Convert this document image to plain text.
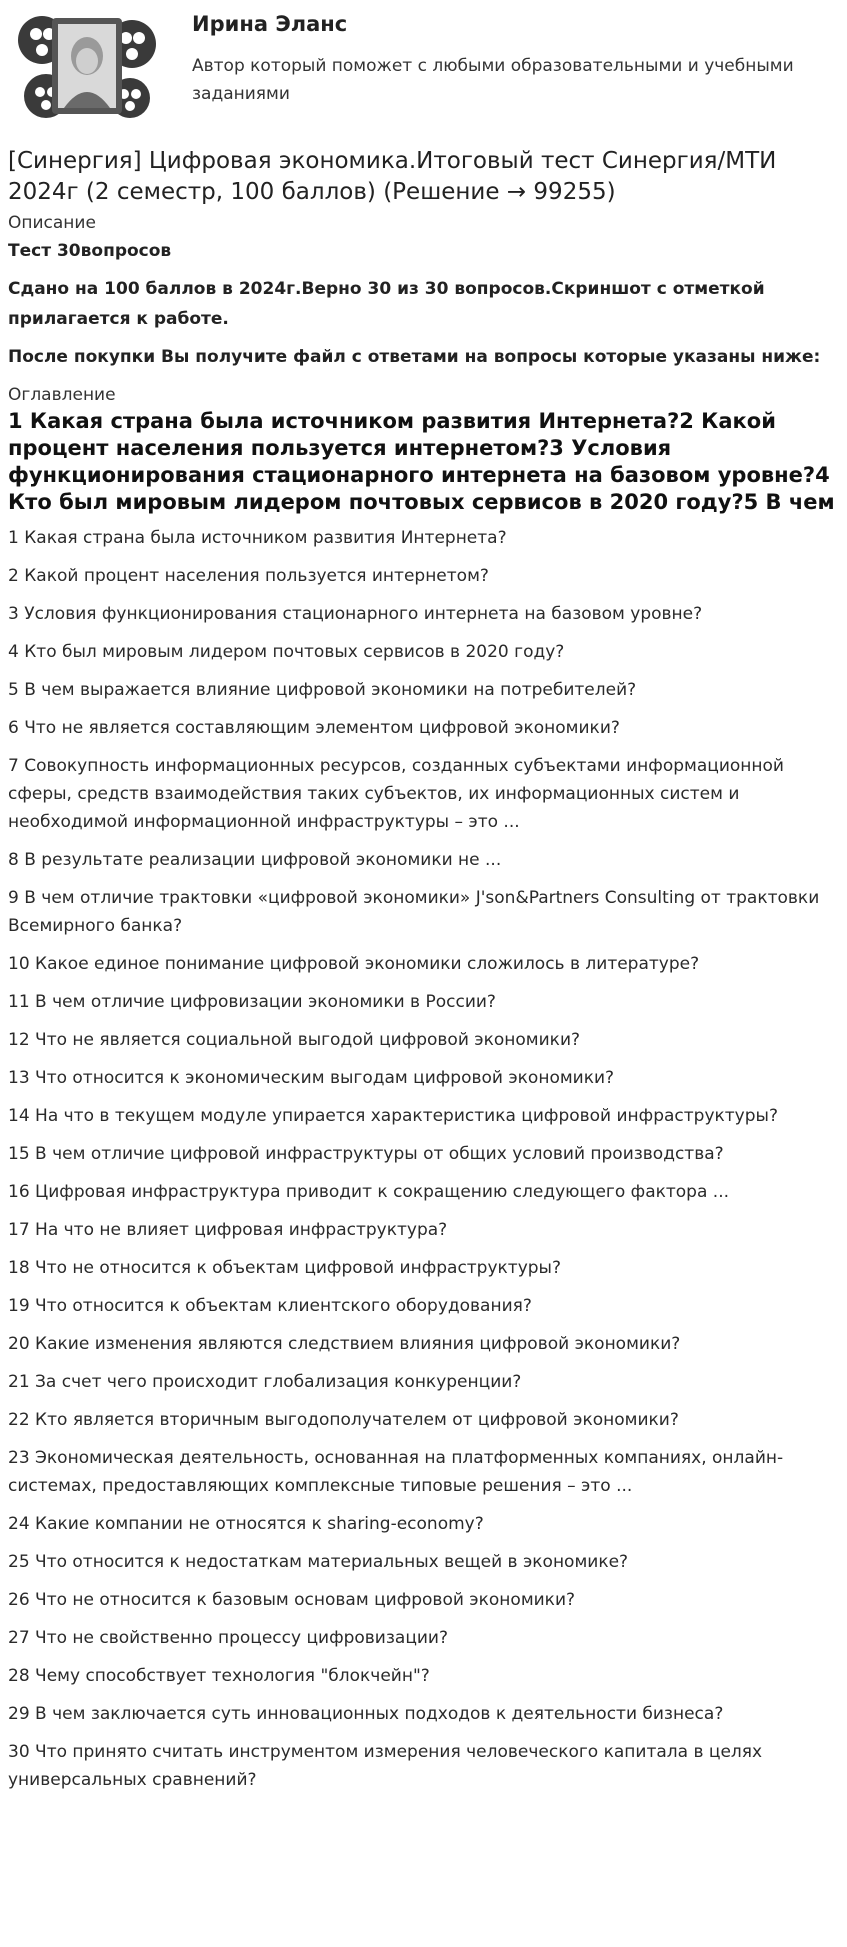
Ирина Эланс
Автор который поможет с любыми образовательными и учебными заданиями
[Синергия] Цифровая экономика.Итоговый тест Синергия/МТИ 2024г (2 семестр, 100 баллов) (Решение → 99255)
Описание

Тест 30вопросов

Сдано на 100 баллов в 2024г.Верно 30 из 30 вопросов.Скриншот с отметкой прилагается к работе.

После покупки Вы получите файл с ответами на вопросы которые указаны ниже:

Оглавление
1 Какая страна была источником развития Интернета?2 Какой процент населения пользуется интернетом?3 Условия функционирования стационарного интернета на базовом уровне?4 Кто был мировым лидером почтовых сервисов в 2020 году?5 В чем
1 Какая страна была источником развития Интернета?
2 Какой процент населения пользуется интернетом?
3 Условия функционирования стационарного интернета на базовом уровне?
4 Кто был мировым лидером почтовых сервисов в 2020 году?
5 В чем выражается влияние цифровой экономики на потребителей?
6 Что не является составляющим элементом цифровой экономики?
7 Совокупность информационных ресурсов, созданных субъектами информационной сферы, средств взаимодействия таких субъектов, их информационных систем и необходимой информационной инфраструктуры – это ...
8 В результате реализации цифровой экономики не ...
9 В чем отличие трактовки «цифровой экономики» J'son&Partners Consulting от трактовки Всемирного банка?
10 Какое единое понимание цифровой экономики сложилось в литературе?
11 В чем отличие цифровизации экономики в России?
12 Что не является социальной выгодой цифровой экономики?
13 Что относится к экономическим выгодам цифровой экономики?
14 На что в текущем модуле упирается характеристика цифровой инфраструктуры?
15 В чем отличие цифровой инфраструктуры от общих условий производства?
16 Цифровая инфраструктура приводит к сокращению следующего фактора ...
17 На что не влияет цифровая инфраструктура?
18 Что не относится к объектам цифровой инфраструктуры?
19 Что относится к объектам клиентского оборудования?
20 Какие изменения являются следствием влияния цифровой экономики?
21 За счет чего происходит глобализация конкуренции?
22 Кто является вторичным выгодополучателем от цифровой экономики?
23 Экономическая деятельность, основанная на платформенных компаниях, онлайн-системах, предоставляющих комплексные типовые решения – это ...
24 Какие компании не относятся к sharing-economy?
25 Что относится к недостаткам материальных вещей в экономике?
26 Что не относится к базовым основам цифровой экономики?
27 Что не свойственно процессу цифровизации?
28 Чему способствует технология "блокчейн"?
29 В чем заключается суть инновационных подходов к деятельности бизнеса?
30 Что принято считать инструментом измерения человеческого капитала в целях универсальных сравнений?
